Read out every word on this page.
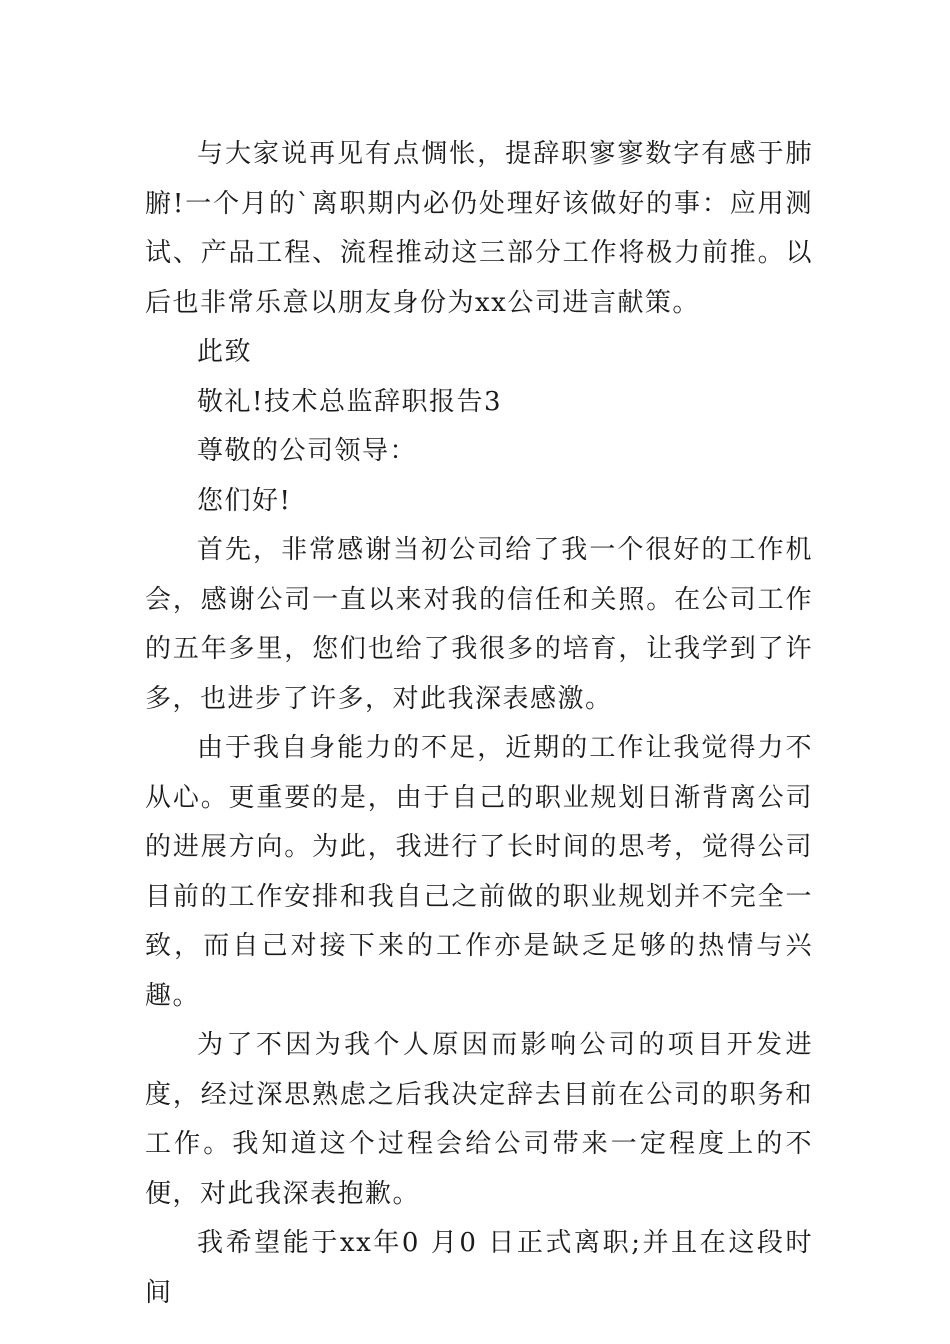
与大家说再见有点惆怅，提辞职寥寥数字有感于肺腑!一个月的`离职期内必仍处理好该做好的事：应用测试、产品工程、流程推动这三部分工作将极力前推。以后也非常乐意以朋友身份为xx公司进言献策。

此致

敬礼!技术总监辞职报告3

尊敬的公司领导：

您们好!

首先，非常感谢当初公司给了我一个很好的工作机会，感谢公司一直以来对我的信任和关照。在公司工作的五年多里，您们也给了我很多的培育，让我学到了许多，也进步了许多，对此我深表感激。

由于我自身能力的不足，近期的工作让我觉得力不从心。更重要的是，由于自己的职业规划日渐背离公司的进展方向。为此，我进行了长时间的思考，觉得公司目前的工作安排和我自己之前做的职业规划并不完全一致，而自己对接下来的工作亦是缺乏足够的热情与兴趣。

为了不因为我个人原因而影响公司的项目开发进度，经过深思熟虑之后我决定辞去目前在公司的职务和工作。我知道这个过程会给公司带来一定程度上的不便，对此我深表抱歉。

我希望能于xx年0 月0 日正式离职;并且在这段时间
